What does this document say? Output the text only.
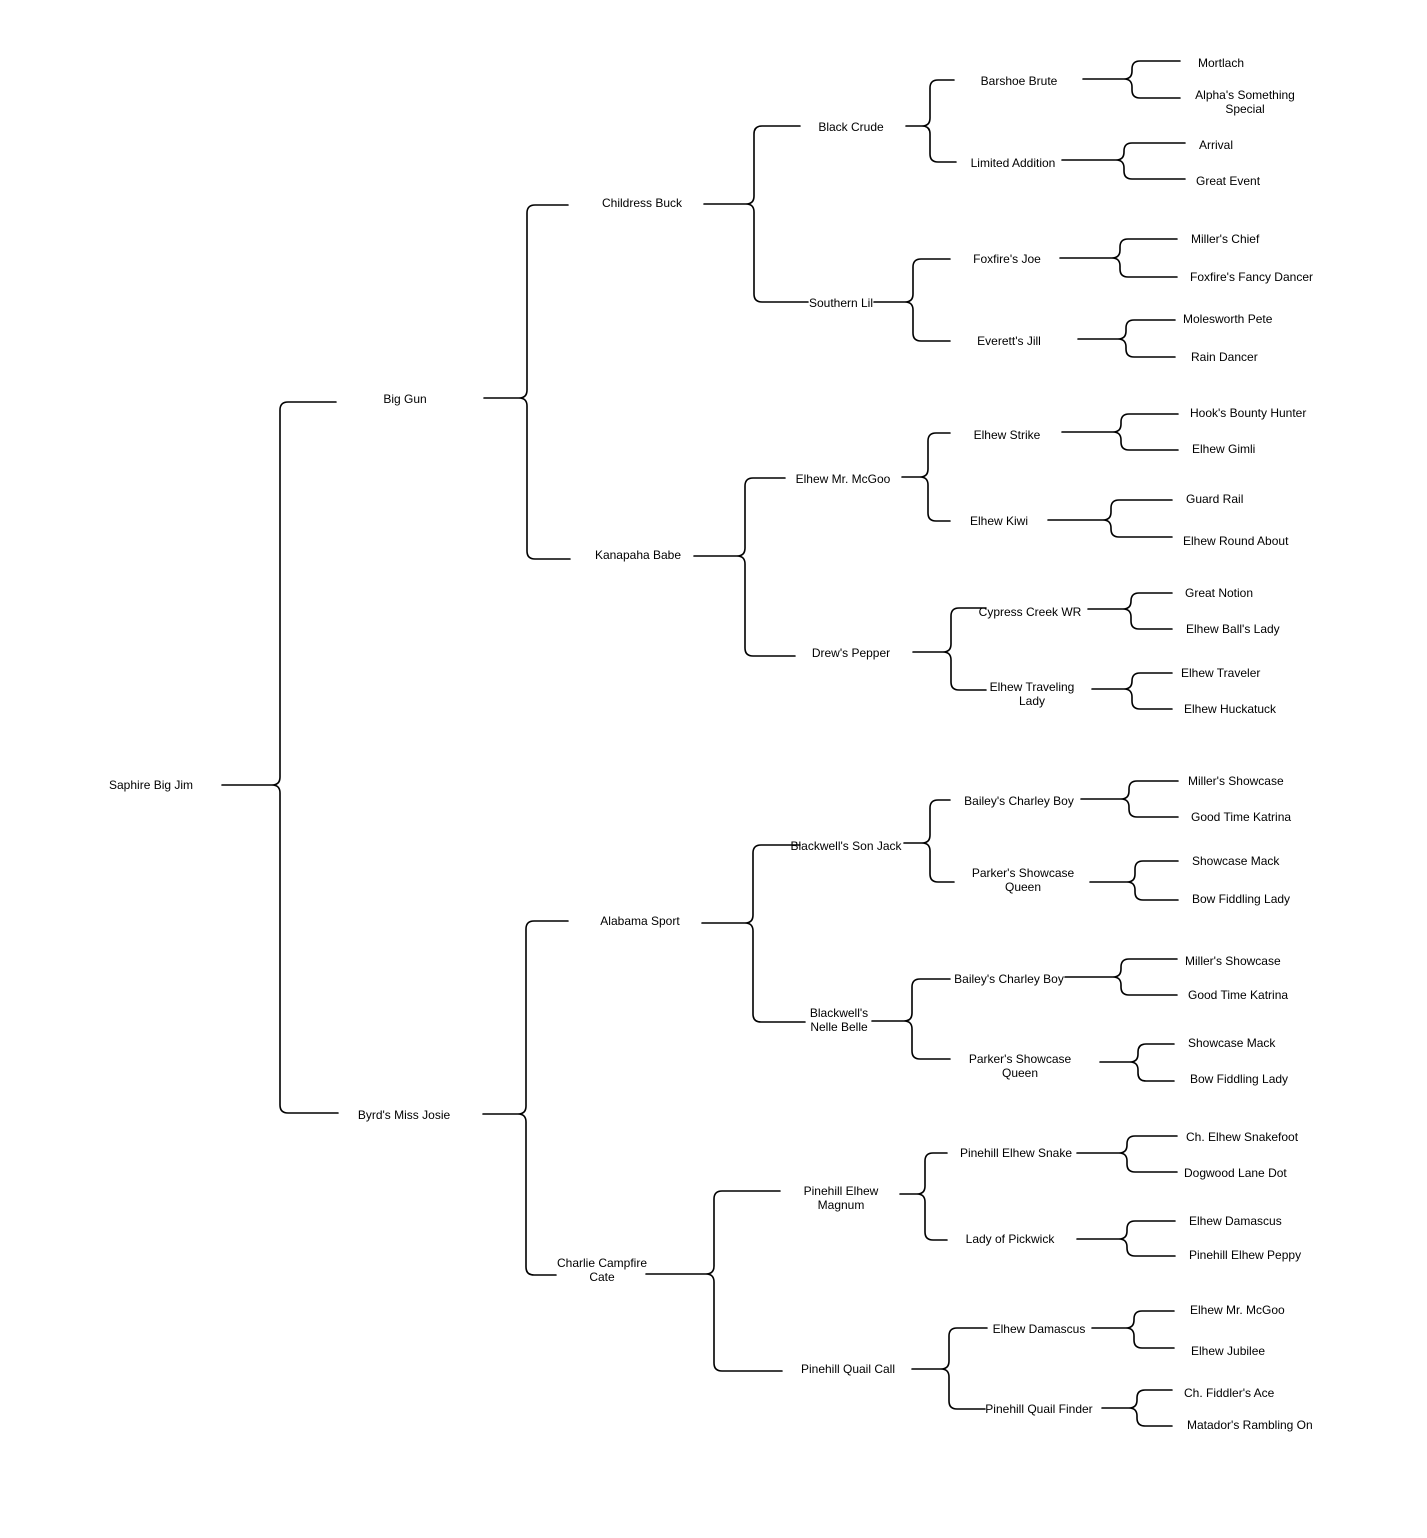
Saphire Big Jim
Big Gun
Byrd's Miss Josie
Childress Buck
Kanapaha Babe
Alabama Sport
Charlie Campfire Cate
Black Crude
Southern Lil
Elhew Mr. McGoo
Drew's Pepper
Blackwell's Son Jack
Blackwell's Nelle Belle
Pinehill Elhew Magnum
Pinehill Quail Call
Barshoe Brute
Limited Addition
Foxfire's Joe
Everett's Jill
Elhew Strike
Elhew Kiwi
Cypress Creek WR
Elhew Traveling Lady
Bailey's Charley Boy
Parker's Showcase Queen
Bailey's Charley Boy
Parker's Showcase Queen
Pinehill Elhew Snake
Lady of Pickwick
Elhew Damascus
Pinehill Quail Finder
Mortlach
Alpha's Something Special
Arrival
Great Event
Miller's Chief
Foxfire's Fancy Dancer
Molesworth Pete
Rain Dancer
Hook's Bounty Hunter
Elhew Gimli
Guard Rail
Elhew Round About
Great Notion
Elhew Ball's Lady
Elhew Traveler
Elhew Huckatuck
Miller's Showcase
Good Time Katrina
Showcase Mack
Bow Fiddling Lady
Miller's Showcase
Good Time Katrina
Showcase Mack
Bow Fiddling Lady
Ch. Elhew Snakefoot
Dogwood Lane Dot
Elhew Damascus
Pinehill Elhew Peppy
Elhew Mr. McGoo
Elhew Jubilee
Ch. Fiddler's Ace
Matador's Rambling On
